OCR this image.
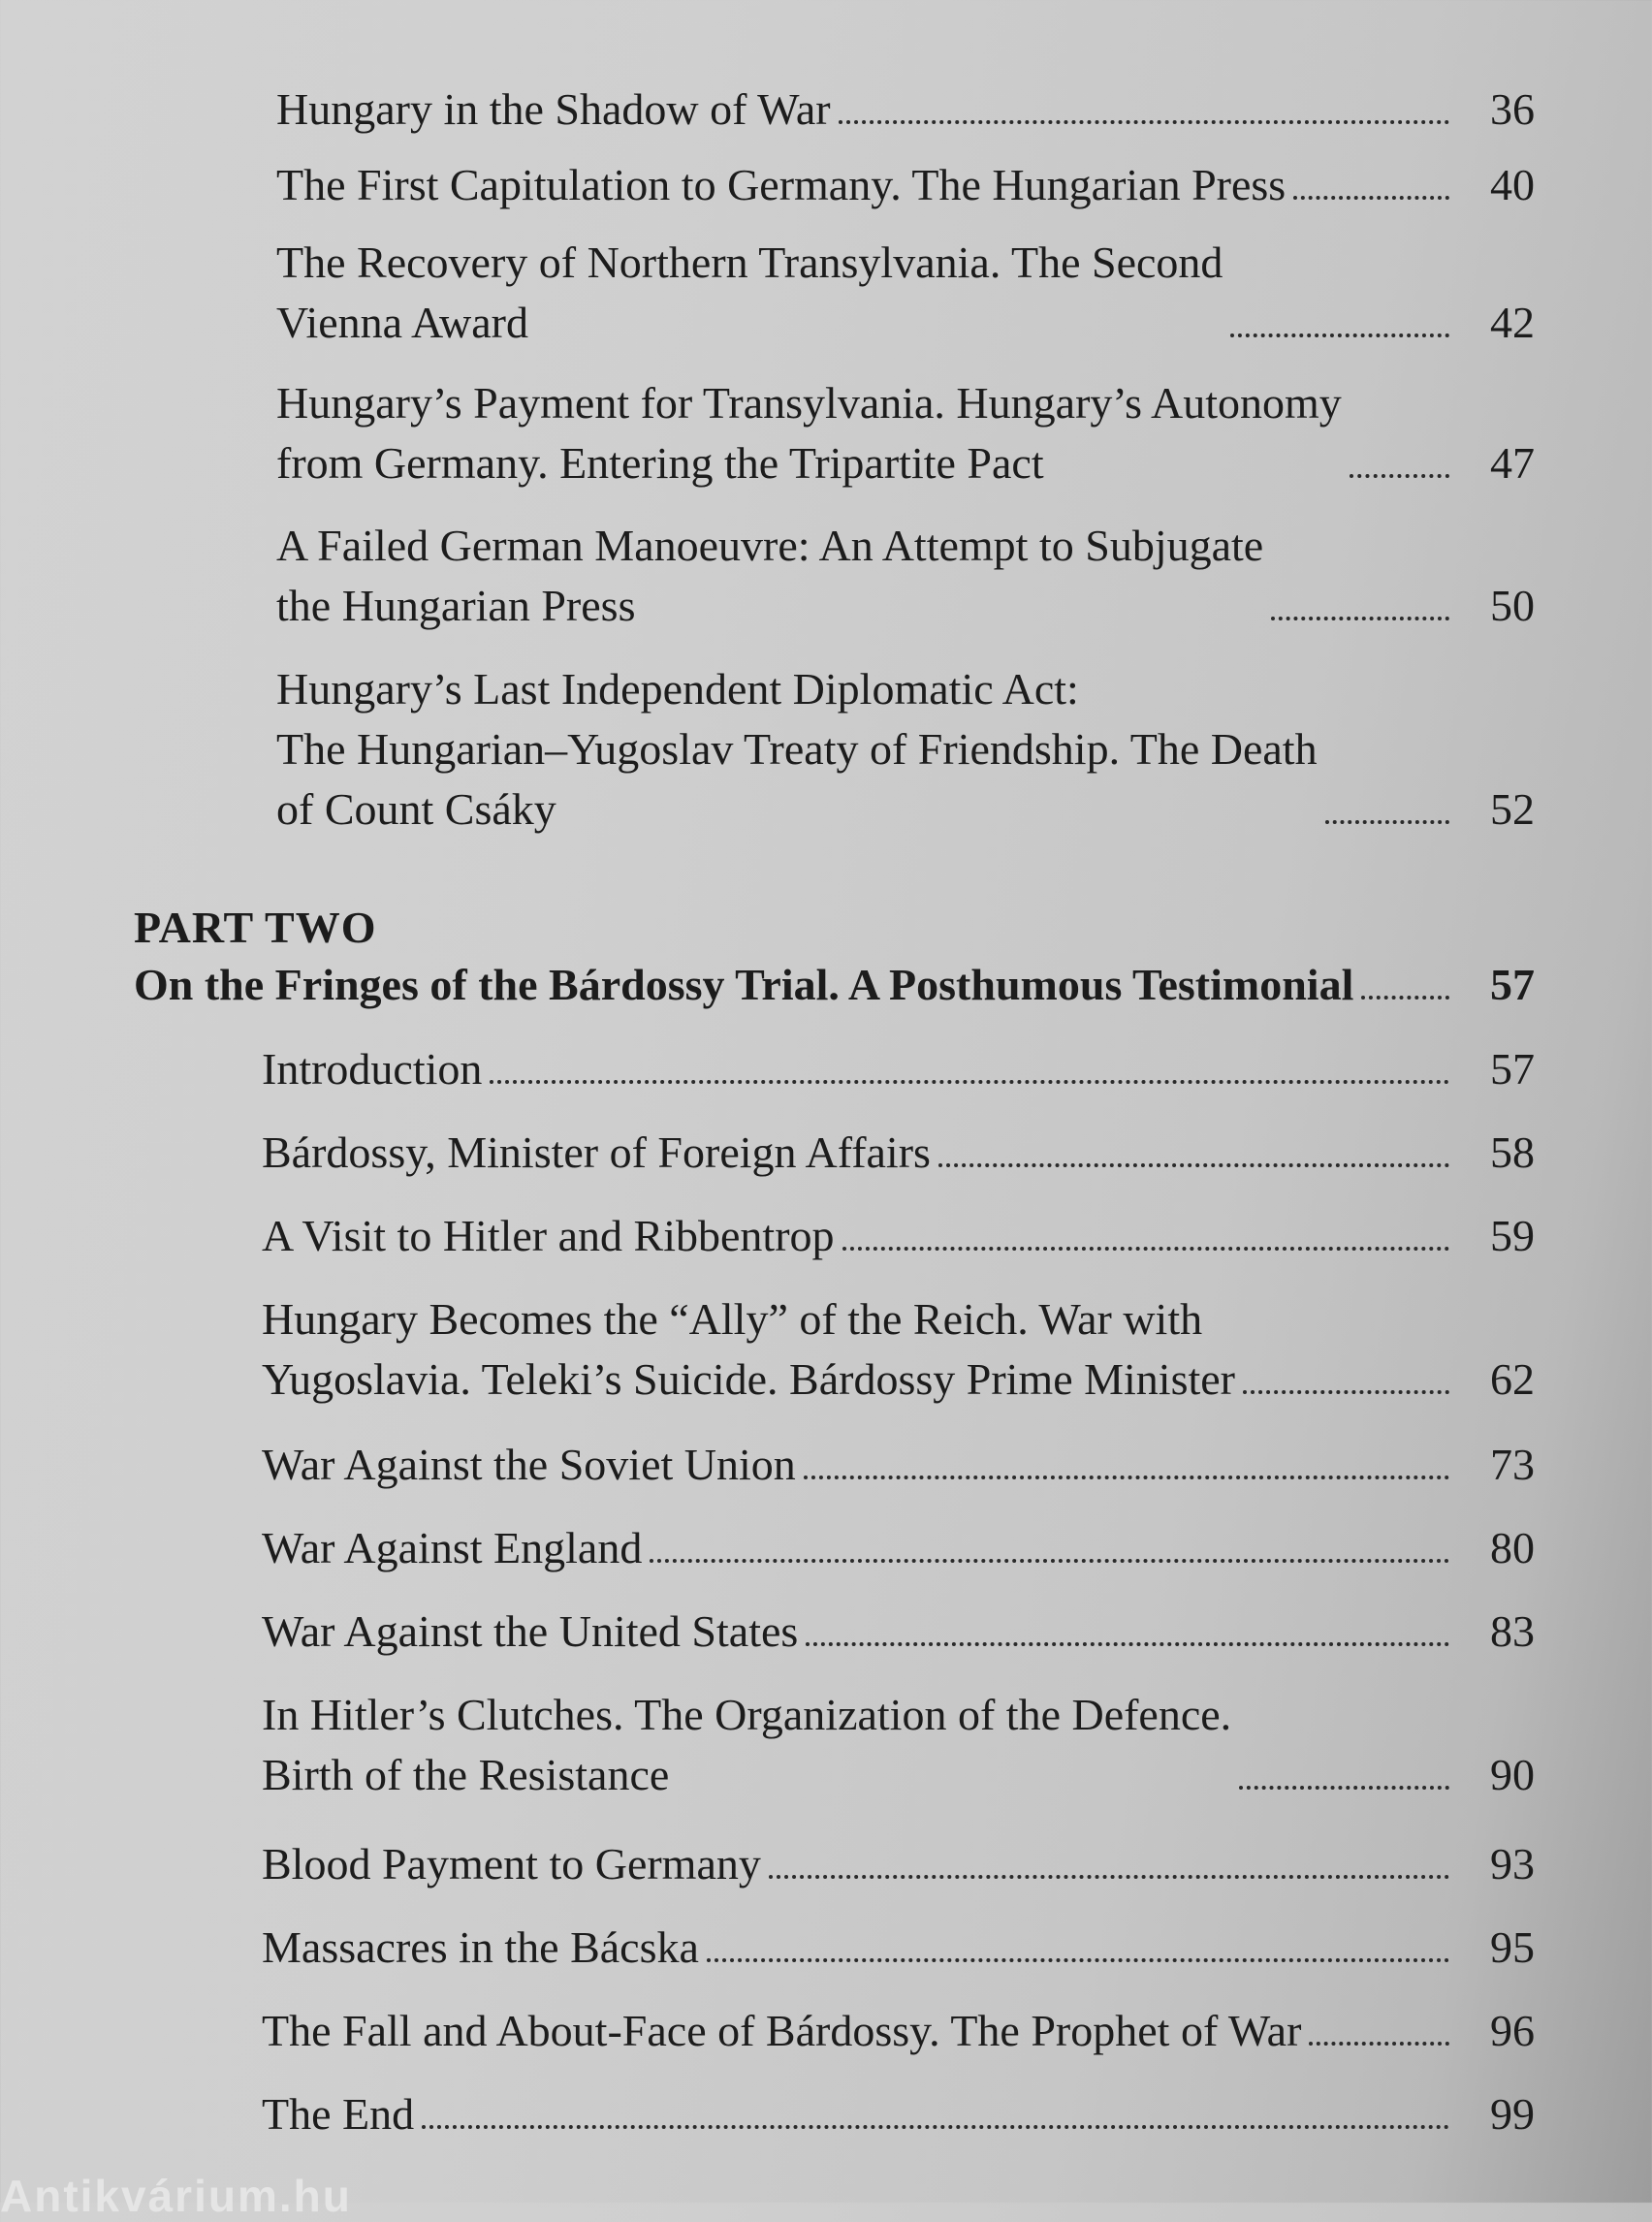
Hungary in the Shadow of War	36
The First Capitulation to Germany. The Hungarian Press	40
The Recovery of Northern Transylvania. The Second
Vienna Award	42
Hungary’s Payment for Transylvania. Hungary’s Autonomy
from Germany. Entering the Tripartite Pact	47
A Failed German Manoeuvre: An Attempt to Subjugate
the Hungarian Press	50
Hungary’s Last Independent Diplomatic Act:
The Hungarian–Yugoslav Treaty of Friendship. The Death
of Count Csáky	52
PART TWO
On the Fringes of the Bárdossy Trial. A Posthumous Testimonial	57
Introduction	57
Bárdossy, Minister of Foreign Affairs	58
A Visit to Hitler and Ribbentrop	59
Hungary Becomes the “Ally” of the Reich. War with
Yugoslavia. Teleki’s Suicide. Bárdossy Prime Minister	62
War Against the Soviet Union	73
War Against England	80
War Against the United States	83
In Hitler’s Clutches. The Organization of the Defence.
Birth of the Resistance	90
Blood Payment to Germany	93
Massacres in the Bácska	95
The Fall and About-Face of Bárdossy. The Prophet of War	96
The End	99
Antikvárium.hu
